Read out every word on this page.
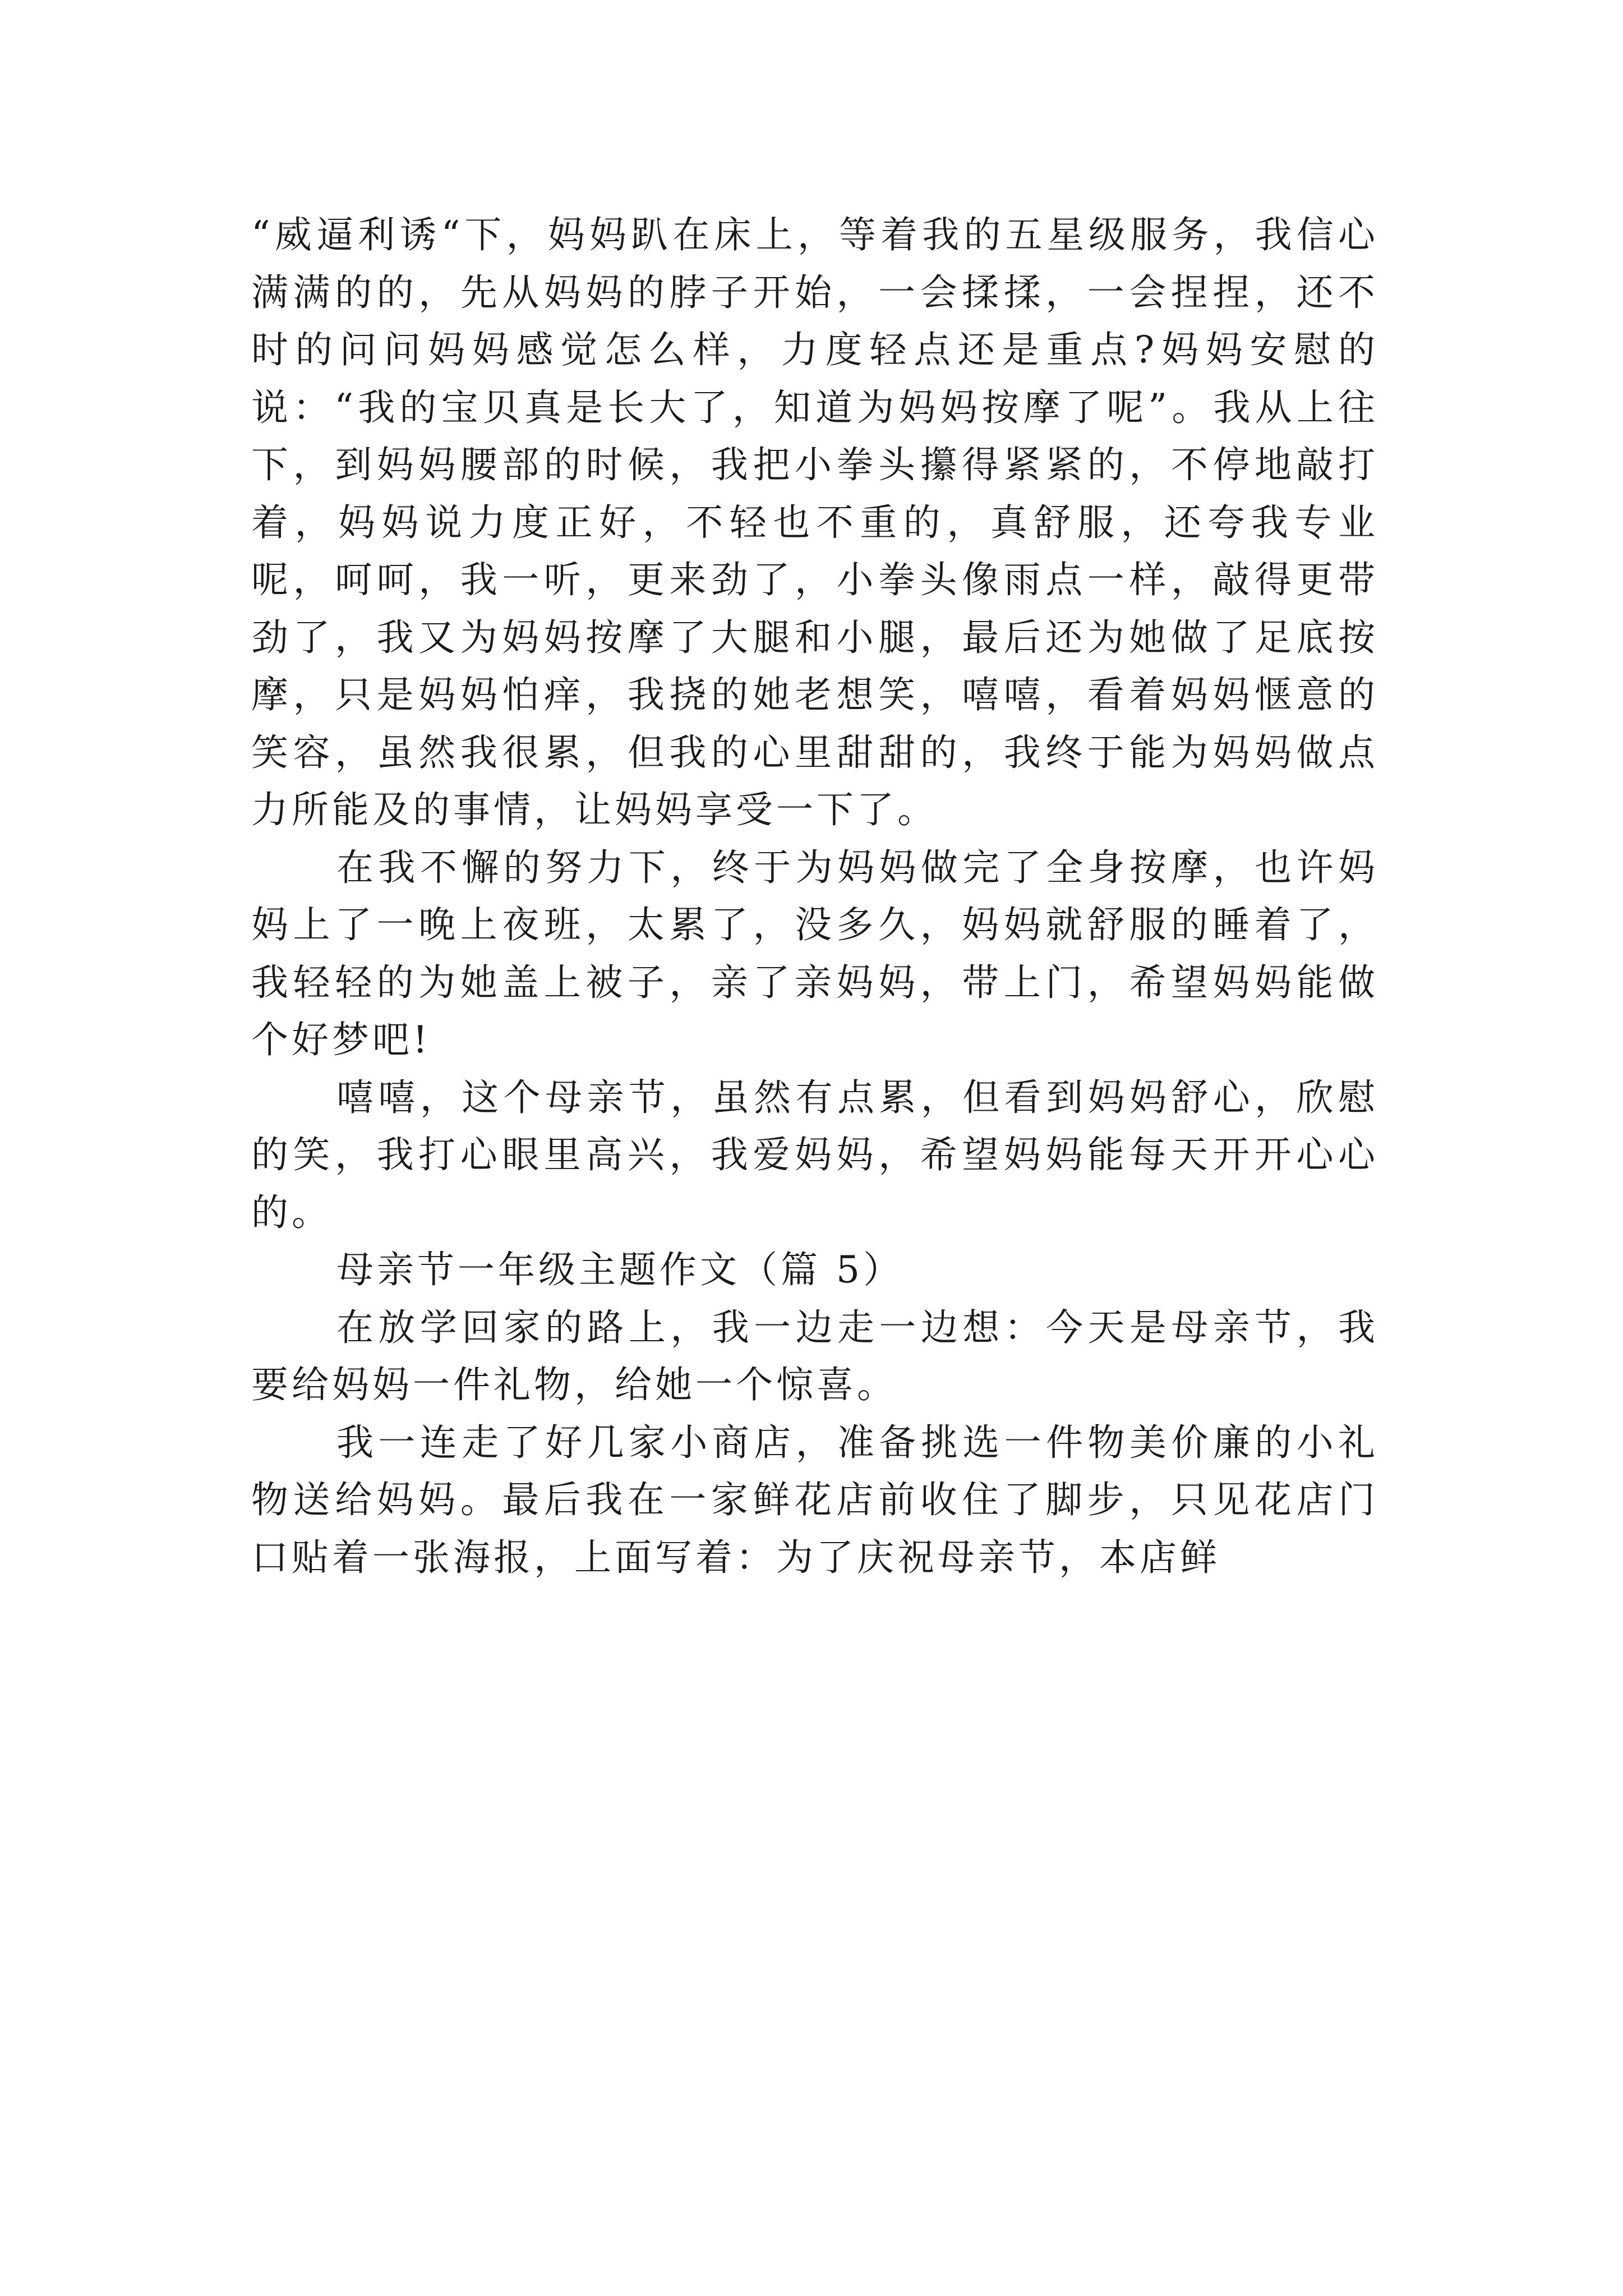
“威逼利诱“下，妈妈趴在床上，等着我的五星级服务，我信心满满的的，先从妈妈的脖子开始，一会揉揉，一会捏捏，还不时的问问妈妈感觉怎么样，力度轻点还是重点?妈妈安慰的说：“我的宝贝真是长大了，知道为妈妈按摩了呢”。我从上往下，到妈妈腰部的时候，我把小拳头攥得紧紧的，不停地敲打着，妈妈说力度正好，不轻也不重的，真舒服，还夸我专业呢，呵呵，我一听，更来劲了，小拳头像雨点一样，敲得更带劲了，我又为妈妈按摩了大腿和小腿，最后还为她做了足底按摩，只是妈妈怕痒，我挠的她老想笑，嘻嘻，看着妈妈惬意的笑容，虽然我很累，但我的心里甜甜的，我终于能为妈妈做点力所能及的事情，让妈妈享受一下了。

在我不懈的努力下，终于为妈妈做完了全身按摩，也许妈妈上了一晚上夜班，太累了，没多久，妈妈就舒服的睡着了，我轻轻的为她盖上被子，亲了亲妈妈，带上门，希望妈妈能做个好梦吧!

嘻嘻，这个母亲节，虽然有点累，但看到妈妈舒心，欣慰的笑，我打心眼里高兴，我爱妈妈，希望妈妈能每天开开心心的。

母亲节一年级主题作文（篇 5）

在放学回家的路上，我一边走一边想：今天是母亲节，我要给妈妈一件礼物，给她一个惊喜。

我一连走了好几家小商店，准备挑选一件物美价廉的小礼物送给妈妈。最后我在一家鲜花店前收住了脚步，只见花店门口贴着一张海报，上面写着：为了庆祝母亲节，本店鲜
